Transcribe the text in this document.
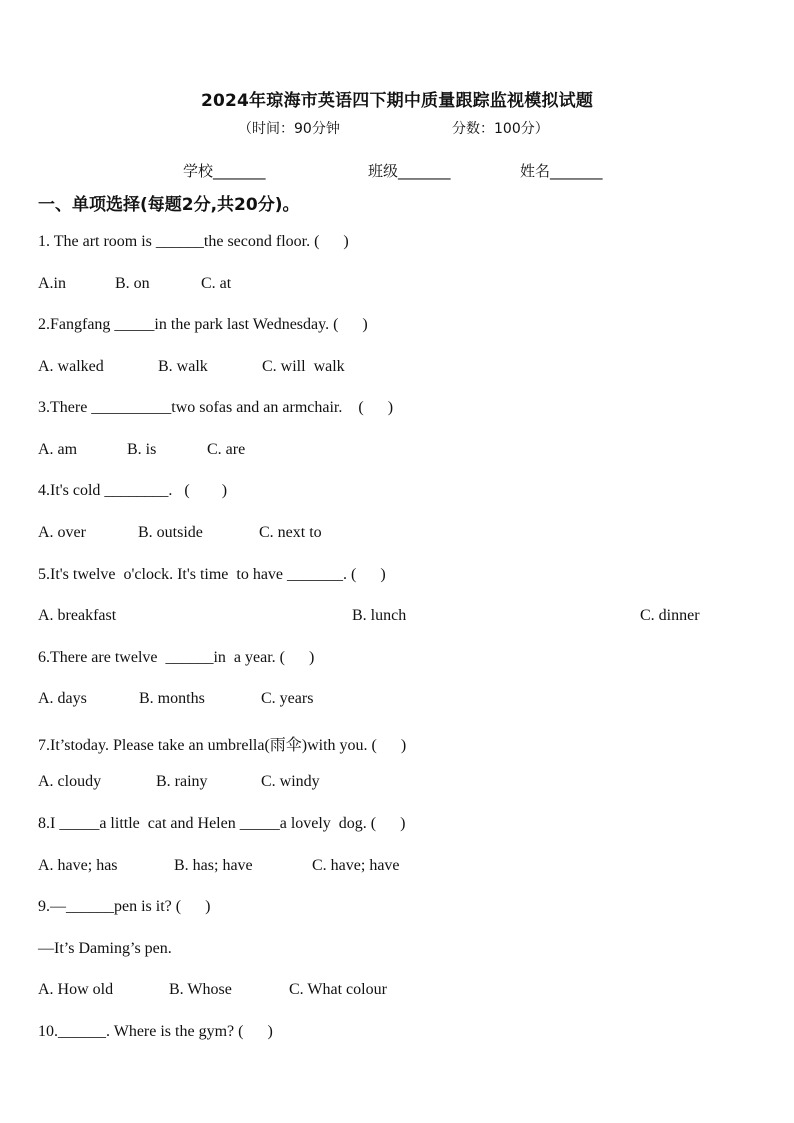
2024年琼海市英语四下期中质量跟踪监视模拟试题
（时间：90分钟	分数：100分）
学校_______	班级_______	姓名_______
一、单项选择(每题2分,共20分)。
1. The art room is ______the second floor. (      )
A.in	B. on	C. at
2.Fangfang _____in the park last Wednesday. (      )
A. walked	B. walk	C. will  walk
3.There __________two sofas and an armchair.    (      )
A. am	B. is	C. are
4.It's cold ________.   (        )
A. over	B. outside	C. next to
5.It's twelve  o'clock. It's time  to have _______. (      )
A. breakfast	B. lunch	C. dinner
6.There are twelve  ______in  a year. (      )
A. days	B. months	C. years
7.It’stoday. Please take an umbrella(雨伞)with you. (      )
A. cloudy	B. rainy	C. windy
8.I _____a little  cat and Helen _____a lovely  dog. (      )
A. have; has	B. has; have	C. have; have
9.—______pen is it? (      )
—It’s Daming’s pen.
A. How old	B. Whose	C. What colour
10.______. Where is the gym? (      )
